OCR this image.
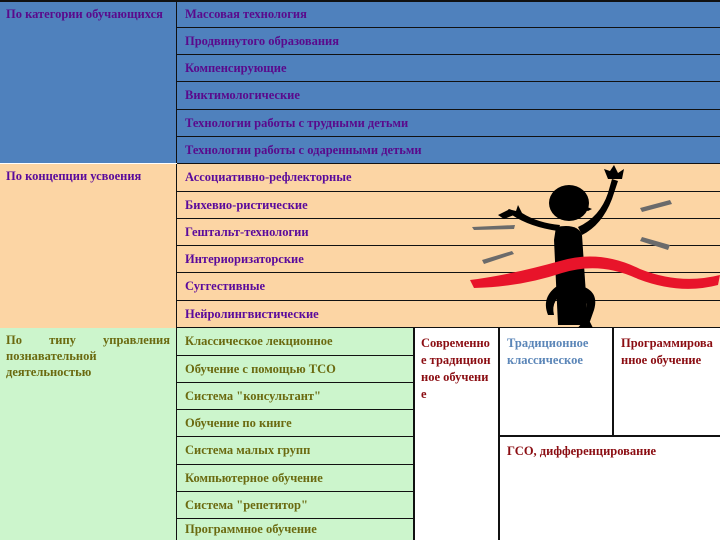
По категории обучающихся	Массовая технология
Продвинутого образования
Компенсирующие
Виктимологические
Технологии работы с трудными детьми
Технологии работы с одаренными детьми
По концепции усвоения	Ассоциативно-рефлекторные
Бихевио-ристические
Гештальт-технологии
Интериоризаторские
Суггестивные
Нейролингвистические
По типу управления познавательной деятельностью
Классическое лекционное
Обучение с помощью ТСО
Система "консультант"
Обучение по книге
Система малых групп
Компьютерное обучение
Система "репетитор"
Программное обучение
Современное традиционное обучение
Традиционное классическое
Программированное обучение
ГСО, дифференцирование
